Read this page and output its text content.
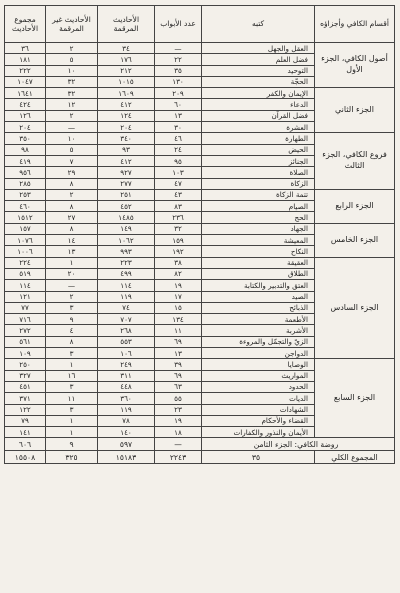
أقسام الكافي وأجزاؤه	كتبه	عدد الأبواب	الأحاديث المرقمة	الأحاديث غير المرقمة	مجموع الأحاديث
أصول الكافي، الجزء الأول	العقل والجهل	—	٣٤	٢	٣٦
	فضل العلم	٢٢	١٧٦	٥	١٨١
	التوحيد	٣٥	٢١٢	١٠	٢٢٢
	الحجّة	١٣٠	١٠١٥	٣٢	١٠٤٧
الجزء الثاني	الإيمان والكفر	٢٠٩	١٦٠٩	٣٢	١٦٤١
	الدعاء	٦٠	٤١٢	١٢	٤٢٤
	فضل القرآن	١٣	١٢٤	٢	١٢٦
	العشرة	٣٠	٢٠٤	—	٢٠٤
فروع الكافي، الجزء الثالث	الطهارة	٤٦	٣٤٠	١٠	٣٥٠
	الحيض	٢٤	٩٣	٥	٩٨
	الجنائز	٩٥	٤١٢	٧	٤١٩
	الصلاة	١٠٣	٩٢٧	٢٩	٩٥٦
	الزكاة	٤٧	٢٧٧	٨	٢٨٥
الجزء الرابع	تتمة الزكاة	٤٣	٢٥١	٢	٢٥٣
	الصيام	٨٣	٤٥٢	٨	٤٦٠
	الحج	٢٣٦	١٤٨٥	٢٧	١٥١٢
الجزء الخامس	الجهاد	٣٢	١٤٩	٨	١٥٧
	المعيشة	١٥٩	١٠٦٢	١٤	١٠٧٦
	النكاح	١٩٢	٩٩٣	١٣	١٠٠٦
الجزء السادس	العقيقة	٣٨	٢٢٣	١	٢٢٤
	الطلاق	٨٢	٤٩٩	٢٠	٥١٩
	العتق والتدبير والكتابة	١٩	١١٤	—	١١٤
	الصيد	١٧	١١٩	٢	١٢١
	الذبائح	١٥	٧٤	٣	٧٧
	الأطعمة	١٣٤	٧٠٧	٩	٧١٦
	الأشربة	١١	٢٦٨	٤	٢٧٢
	الزيّ والتجمّل والمروءة	٦٩	٥٥٣	٨	٥٦١
	الدواجن	١٣	١٠٦	٣	١٠٩
الجزء السابع	الوصايا	٣٩	٢٤٩	١	٢٥٠
	المواريث	٦٩	٣١١	١٦	٣٢٧
	الحدود	٦٣	٤٤٨	٣	٤٥١
	الديات	٥٥	٣٦٠	١١	٣٧١
	الشهادات	٢٣	١١٩	٣	١٢٢
	القضاء والأحكام	١٩	٧٨	١	٧٩
	الأيمان والنذور والكفارات	١٨	١٤٠	١	١٤١
روضة الكافي: الجزء الثامن		—	٥٩٧	٩	٦٠٦
المجموع الكلي	٣٥	٢٢٤٣	١٥١٨٣	٣٢٥	١٥٥٠٨
